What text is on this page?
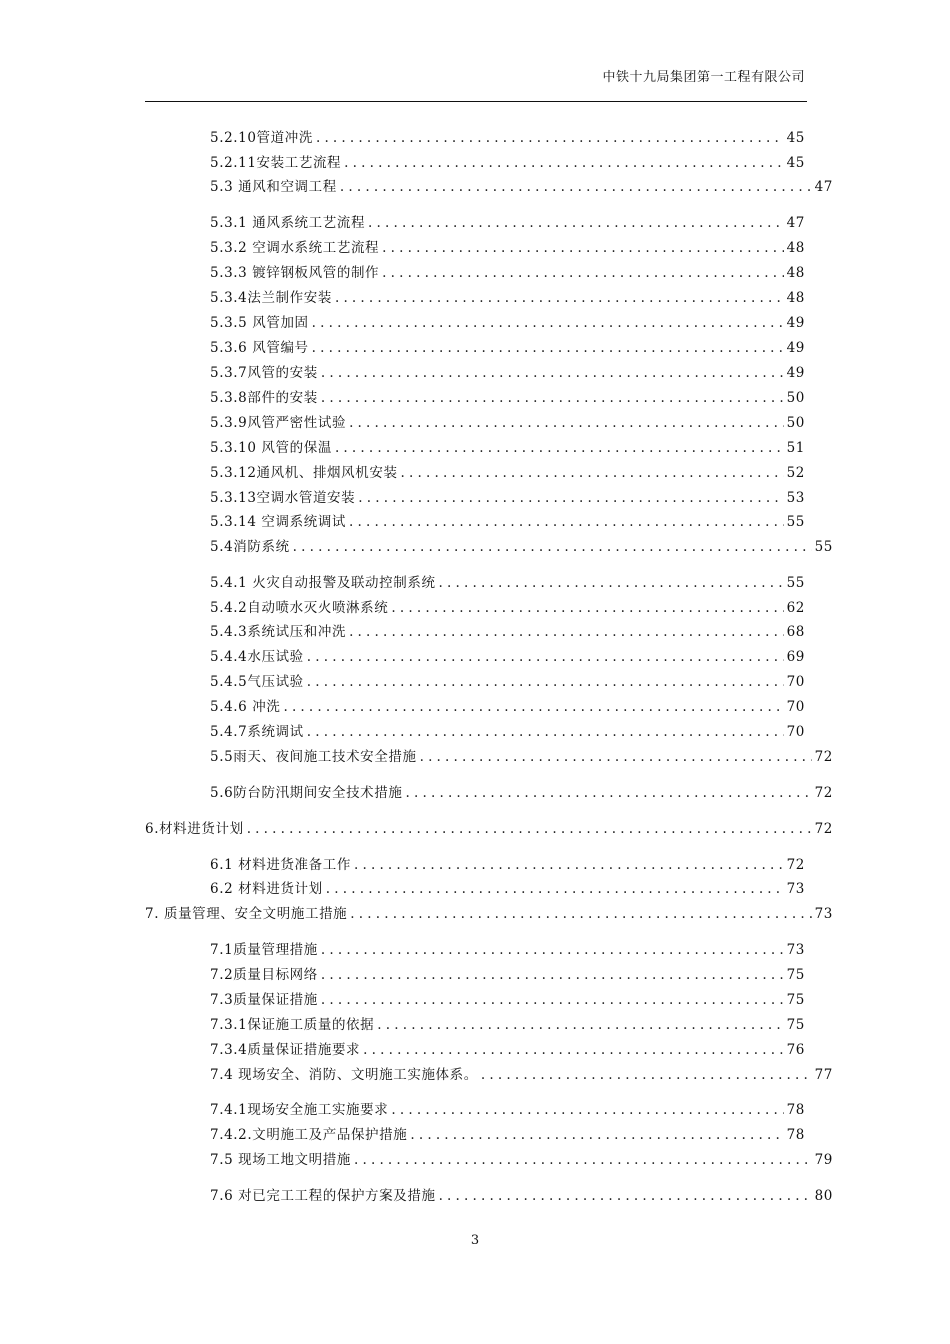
中铁十九局集团第一工程有限公司
5.2.10管道冲洗 .....	45
5.2.11安装工艺流程 .....	45
5.3 通风和空调工程 .....	47
5.3.1 通风系统工艺流程 .....	47
5.3.2 空调水系统工艺流程 .....	48
5.3.3 镀锌钢板风管的制作 .....	48
5.3.4法兰制作安装 .....	48
5.3.5 风管加固 .....	49
5.3.6 风管编号 .....	49
5.3.7风管的安装 .....	49
5.3.8部件的安装 .....	50
5.3.9风管严密性试验 .....	50
5.3.10 风管的保温 .....	51
5.3.12通风机、排烟风机安装 .....	52
5.3.13空调水管道安装 .....	53
5.3.14 空调系统调试 .....	55
5.4消防系统 .....	55
5.4.1 火灾自动报警及联动控制系统 .....	55
5.4.2自动喷水灭火喷淋系统 .....	62
5.4.3系统试压和冲洗 .....	68
5.4.4水压试验 .....	69
5.4.5气压试验 .....	70
5.4.6 冲洗 .....	70
5.4.7系统调试 .....	70
5.5雨天、夜间施工技术安全措施 .....	72
5.6防台防汛期间安全技术措施 .....	72
6.材料进货计划 .....	72
6.1 材料进货准备工作 .....	72
6.2 材料进货计划 .....	73
7. 质量管理、安全文明施工措施 .....	73
7.1质量管理措施 .....	73
7.2质量目标网络 .....	75
7.3质量保证措施 .....	75
7.3.1保证施工质量的依据 .....	75
7.3.4质量保证措施要求 .....	76
7.4 现场安全、消防、文明施工实施体系。 .....	77
7.4.1现场安全施工实施要求 .....	78
7.4.2.文明施工及产品保护措施 .....	78
7.5 现场工地文明措施 .....	79
7.6 对已完工工程的保护方案及措施 .....	80
3
